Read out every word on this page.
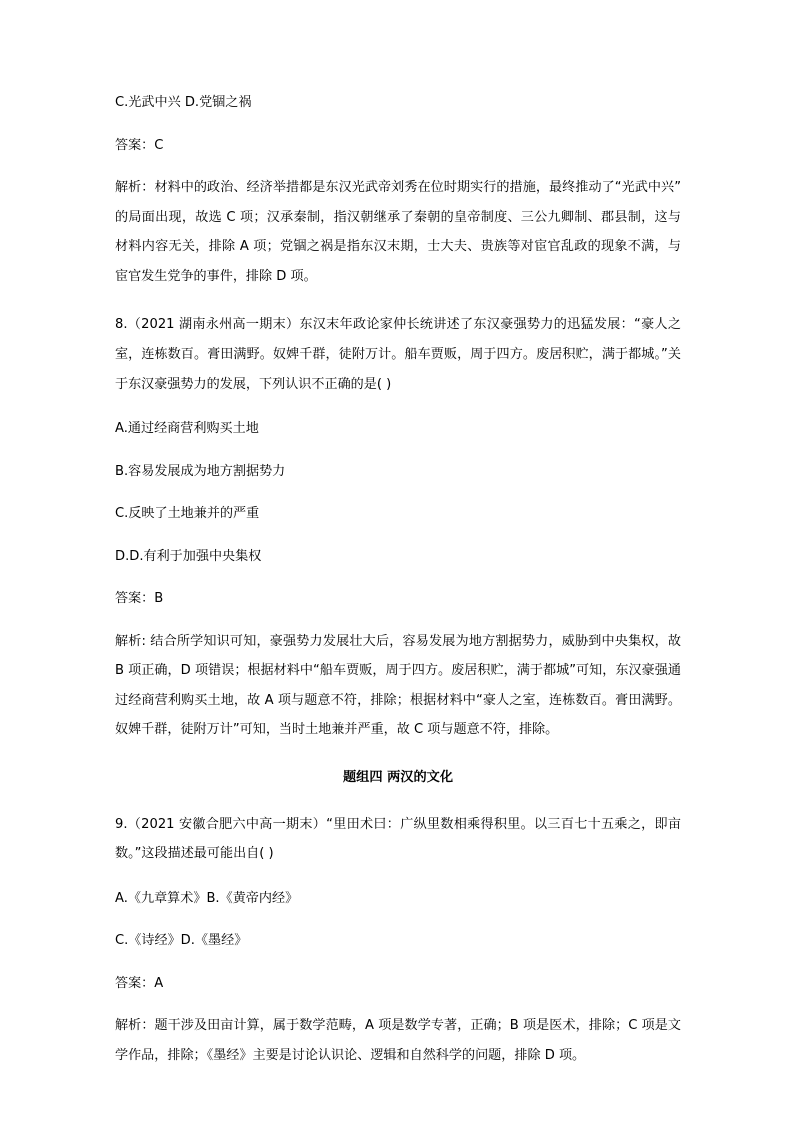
C.光武中兴 D.党锢之祸

答案：C

解析：材料中的政治、经济举措都是东汉光武帝刘秀在位时期实行的措施，最终推动了“光武中兴”的局面出现，故选 C 项；汉承秦制，指汉朝继承了秦朝的皇帝制度、三公九卿制、郡县制，这与材料内容无关，排除 A 项；党锢之祸是指东汉末期，士大夫、贵族等对宦官乱政的现象不满，与宦官发生党争的事件，排除 D 项。

8.（2021 湖南永州高一期末）东汉末年政论家仲长统讲述了东汉豪强势力的迅猛发展：“豪人之室，连栋数百。膏田满野。奴婢千群，徒附万计。船车贾贩，周于四方。废居积贮，满于都城。”关于东汉豪强势力的发展，下列认识不正确的是( )

A.通过经商营利购买土地

B.容易发展成为地方割据势力

C.反映了土地兼并的严重

D.D.有利于加强中央集权

答案：B

解析: 结合所学知识可知，豪强势力发展壮大后，容易发展为地方割据势力，威胁到中央集权，故 B 项正确，D 项错误；根据材料中“船车贾贩，周于四方。废居积贮，满于都城”可知，东汉豪强通过经商营利购买土地，故 A 项与题意不符，排除；根据材料中“豪人之室，连栋数百。膏田满野。奴婢千群，徒附万计”可知，当时土地兼并严重，故 C 项与题意不符，排除。

题组四 两汉的文化

9.（2021 安徽合肥六中高一期末）“里田术曰：广纵里数相乘得积里。以三百七十五乘之，即亩数。”这段描述最可能出自( )

A.《九章算术》B.《黄帝内经》

C.《诗经》D.《墨经》

答案：A

解析：题干涉及田亩计算，属于数学范畴，A 项是数学专著，正确；B 项是医术，排除；C 项是文学作品，排除；《墨经》主要是讨论认识论、逻辑和自然科学的问题，排除 D 项。
